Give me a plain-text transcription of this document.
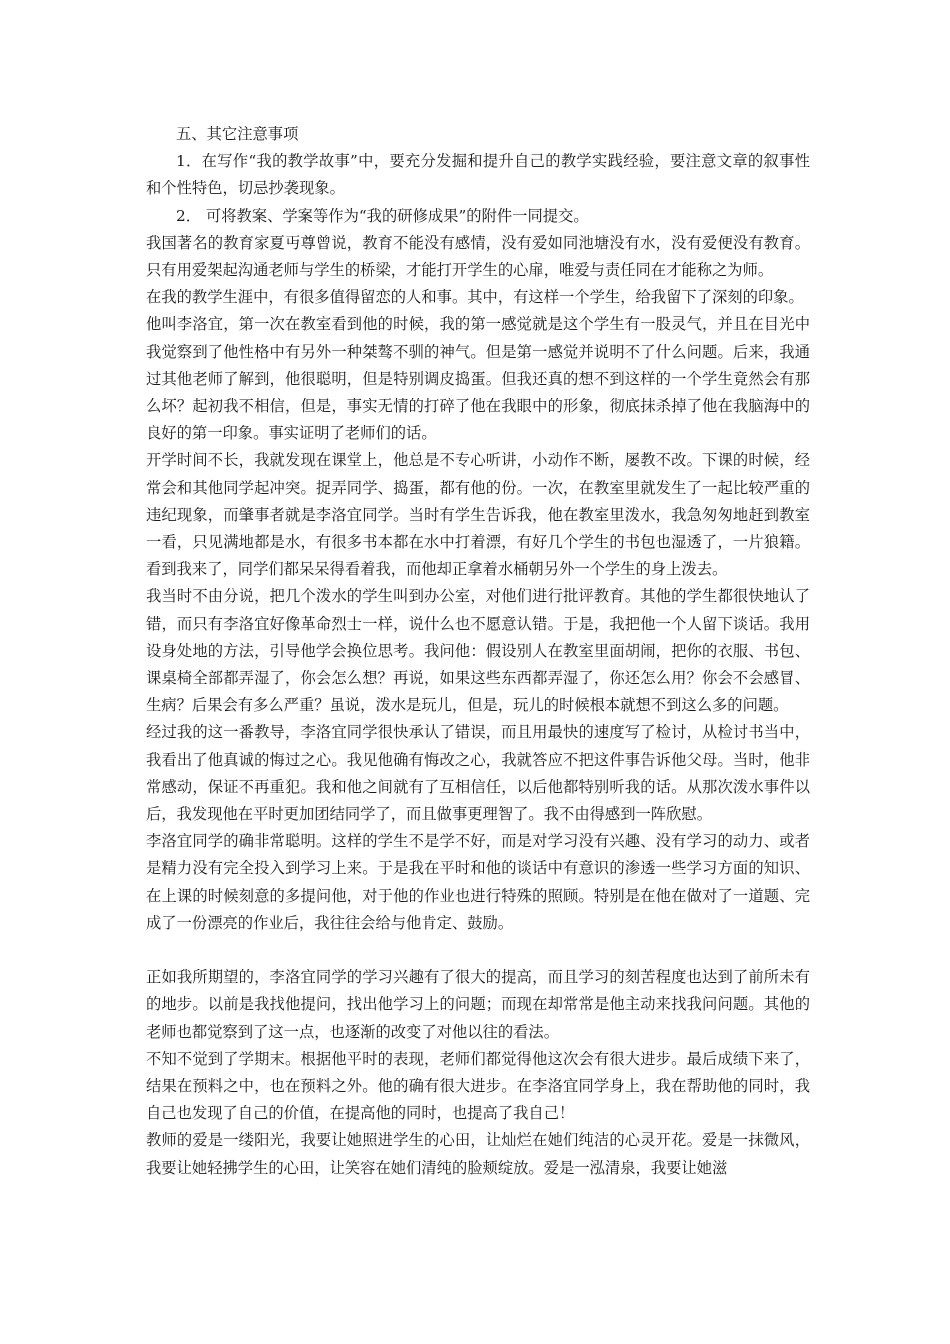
五、其它注意事项

1．在写作“我的教学故事”中，要充分发掘和提升自己的教学实践经验，要注意文章的叙事性和个性特色，切忌抄袭现象。

2． 可将教案、学案等作为“我的研修成果”的附件一同提交。

我国著名的教育家夏丏尊曾说，教育不能没有感情，没有爱如同池塘没有水，没有爱便没有教育。只有用爱架起沟通老师与学生的桥梁，才能打开学生的心扉，唯爱与责任同在才能称之为师。

在我的教学生涯中，有很多值得留恋的人和事。其中，有这样一个学生，给我留下了深刻的印象。

他叫李洛宜，第一次在教室看到他的时候，我的第一感觉就是这个学生有一股灵气，并且在目光中我觉察到了他性格中有另外一种桀骜不驯的神气。但是第一感觉并说明不了什么问题。后来，我通过其他老师了解到，他很聪明，但是特别调皮捣蛋。但我还真的想不到这样的一个学生竟然会有那么坏？起初我不相信，但是，事实无情的打碎了他在我眼中的形象，彻底抹杀掉了他在我脑海中的良好的第一印象。事实证明了老师们的话。

开学时间不长，我就发现在课堂上，他总是不专心听讲，小动作不断，屡教不改。下课的时候，经常会和其他同学起冲突。捉弄同学、捣蛋，都有他的份。一次，在教室里就发生了一起比较严重的违纪现象，而肇事者就是李洛宜同学。当时有学生告诉我，他在教室里泼水，我急匆匆地赶到教室一看，只见满地都是水，有很多书本都在水中打着漂，有好几个学生的书包也湿透了，一片狼籍。看到我来了，同学们都呆呆得看着我，而他却正拿着水桶朝另外一个学生的身上泼去。

我当时不由分说，把几个泼水的学生叫到办公室，对他们进行批评教育。其他的学生都很快地认了错，而只有李洛宜好像革命烈士一样，说什么也不愿意认错。于是，我把他一个人留下谈话。我用设身处地的方法，引导他学会换位思考。我问他：假设别人在教室里面胡闹，把你的衣服、书包、课桌椅全部都弄湿了，你会怎么想？再说，如果这些东西都弄湿了，你还怎么用？你会不会感冒、生病？后果会有多么严重？虽说，泼水是玩儿，但是，玩儿的时候根本就想不到这么多的问题。

经过我的这一番教导，李洛宜同学很快承认了错误，而且用最快的速度写了检讨，从检讨书当中，我看出了他真诚的悔过之心。我见他确有悔改之心，我就答应不把这件事告诉他父母。当时，他非常感动，保证不再重犯。我和他之间就有了互相信任，以后他都特别听我的话。从那次泼水事件以后，我发现他在平时更加团结同学了，而且做事更理智了。我不由得感到一阵欣慰。

李洛宜同学的确非常聪明。这样的学生不是学不好，而是对学习没有兴趣、没有学习的动力、或者是精力没有完全投入到学习上来。于是我在平时和他的谈话中有意识的渗透一些学习方面的知识、在上课的时候刻意的多提问他，对于他的作业也进行特殊的照顾。特别是在他在做对了一道题、完成了一份漂亮的作业后，我往往会给与他肯定、鼓励。

正如我所期望的，李洛宜同学的学习兴趣有了很大的提高，而且学习的刻苦程度也达到了前所未有的地步。以前是我找他提问，找出他学习上的问题；而现在却常常是他主动来找我问问题。其他的老师也都觉察到了这一点，也逐渐的改变了对他以往的看法。

不知不觉到了学期末。根据他平时的表现，老师们都觉得他这次会有很大进步。最后成绩下来了，结果在预料之中，也在预料之外。他的确有很大进步。在李洛宜同学身上，我在帮助他的同时，我自己也发现了自己的价值，在提高他的同时，也提高了我自己！

教师的爱是一缕阳光，我要让她照进学生的心田，让灿烂在她们纯洁的心灵开花。爱是一抹微风，我要让她轻拂学生的心田，让笑容在她们清纯的脸颊绽放。爱是一泓清泉，我要让她滋
